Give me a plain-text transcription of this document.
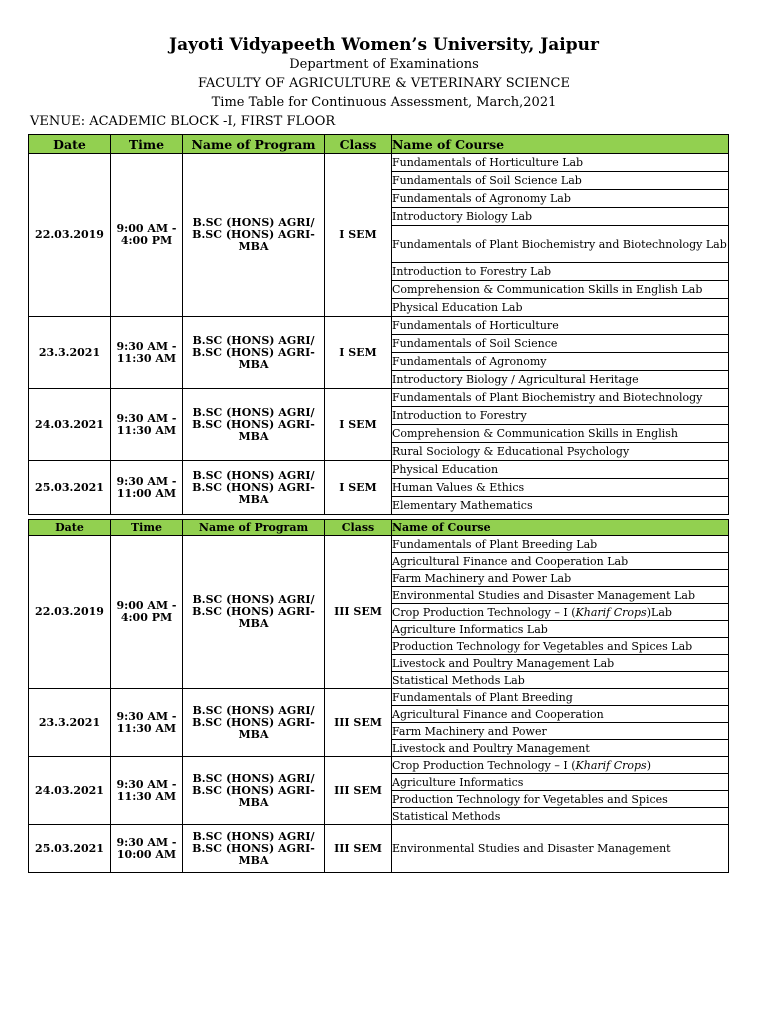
Jayoti Vidyapeeth Women’s University, Jaipur
Department of Examinations
FACULTY OF AGRICULTURE & VETERINARY SCIENCE
Time Table for Continuous Assessment, March,2021
VENUE: ACADEMIC BLOCK -I, FIRST FLOOR
Date	Time	Name of Program	Class	Name of Course
22.03.2019	9:00 AM -
4:00 PM	B.SC (HONS) AGRI/
B.SC (HONS) AGRI-
MBA	I SEM	Fundamentals of Horticulture Lab
				Fundamentals of Soil Science Lab
				Fundamentals of Agronomy Lab
				Introductory Biology Lab
				Fundamentals of Plant Biochemistry and Biotechnology Lab
				Introduction to Forestry Lab
				Comprehension & Communication Skills in English Lab
				Physical Education Lab
23.3.2021	9:30 AM -
11:30 AM	B.SC (HONS) AGRI/
B.SC (HONS) AGRI-
MBA	I SEM	Fundamentals of Horticulture
				Fundamentals of Soil Science
				Fundamentals of Agronomy
				Introductory Biology / Agricultural Heritage
24.03.2021	9:30 AM -
11:30 AM	B.SC (HONS) AGRI/
B.SC (HONS) AGRI-
MBA	I SEM	Fundamentals of Plant Biochemistry and Biotechnology
				Introduction to Forestry
				Comprehension & Communication Skills in English
				Rural Sociology & Educational Psychology
25.03.2021	9:30 AM -
11:00 AM	B.SC (HONS) AGRI/
B.SC (HONS) AGRI-
MBA	I SEM	Physical Education
				Human Values & Ethics
				Elementary Mathematics
Date	Time	Name of Program	Class	Name of Course
22.03.2019	9:00 AM -
4:00 PM	B.SC (HONS) AGRI/
B.SC (HONS) AGRI-
MBA	III SEM	Fundamentals of Plant Breeding Lab
				Agricultural Finance and Cooperation Lab
				Farm Machinery and Power Lab
				Environmental Studies and Disaster Management Lab
				Crop Production Technology – I (Kharif Crops)Lab
				Agriculture Informatics Lab
				Production Technology for Vegetables and Spices Lab
				Livestock and Poultry Management Lab
				Statistical Methods Lab
23.3.2021	9:30 AM -
11:30 AM	B.SC (HONS) AGRI/
B.SC (HONS) AGRI-
MBA	III SEM	Fundamentals of Plant Breeding
				Agricultural Finance and Cooperation
				Farm Machinery and Power
				Livestock and Poultry Management
24.03.2021	9:30 AM -
11:30 AM	B.SC (HONS) AGRI/
B.SC (HONS) AGRI-
MBA	III SEM	Crop Production Technology – I (Kharif Crops)
				Agriculture Informatics
				Production Technology for Vegetables and Spices
				Statistical Methods
25.03.2021	9:30 AM -
10:00 AM	B.SC (HONS) AGRI/
B.SC (HONS) AGRI-
MBA	III SEM	Environmental Studies and Disaster Management
